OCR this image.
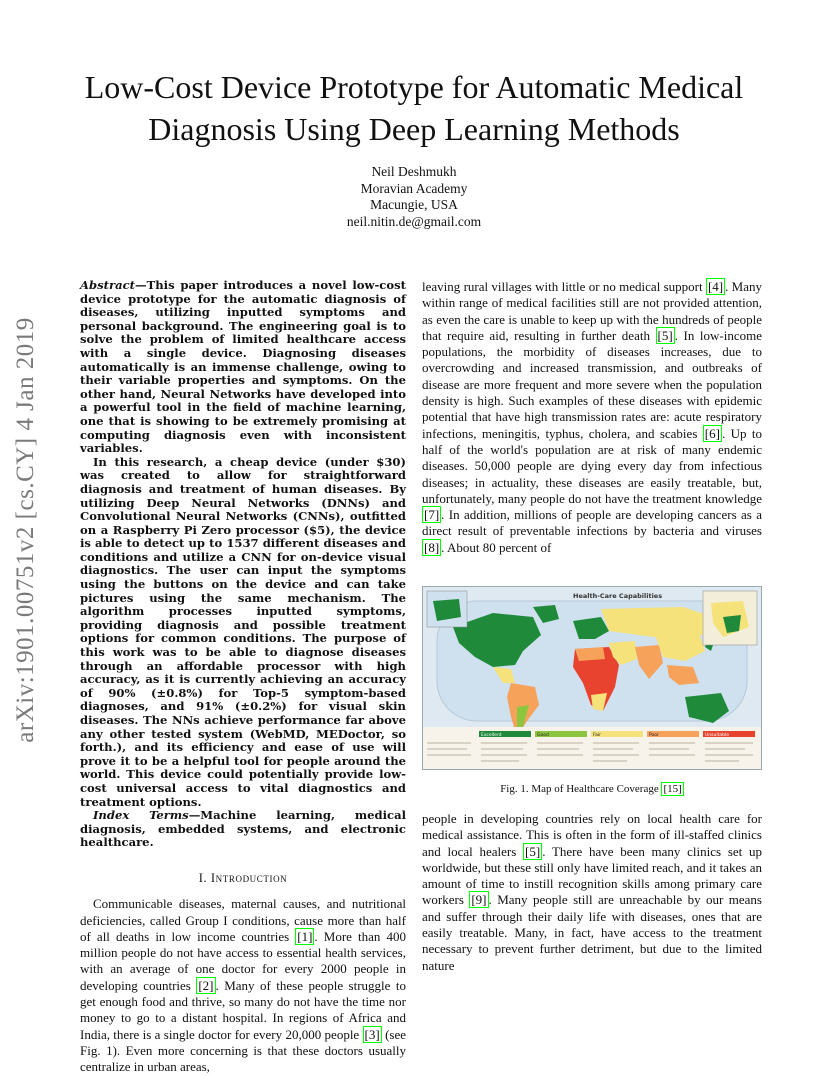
arXiv:1901.00751v2 [cs.CY] 4 Jan 2019
Low-Cost Device Prototype for Automatic Medical
Diagnosis Using Deep Learning Methods
Neil Deshmukh
Moravian Academy
Macungie, USA
neil.nitin.de@gmail.com

Abstract—This paper introduces a novel low-cost device prototype for the automatic diagnosis of diseases, utilizing inputted symptoms and personal background. The engineering goal is to solve the problem of limited healthcare access with a single device. Diagnosing diseases automatically is an immense challenge, owing to their variable properties and symptoms. On the other hand, Neural Networks have developed into a powerful tool in the field of machine learning, one that is showing to be extremely promising at computing diagnosis even with inconsistent variables.

In this research, a cheap device (under $30) was created to allow for straightforward diagnosis and treatment of human diseases. By utilizing Deep Neural Networks (DNNs) and Convolutional Neural Networks (CNNs), outfitted on a Raspberry Pi Zero processor ($5), the device is able to detect up to 1537 different diseases and conditions and utilize a CNN for on-device visual diagnostics. The user can input the symptoms using the buttons on the device and can take pictures using the same mechanism. The algorithm processes inputted symptoms, providing diagnosis and possible treatment options for common conditions. The purpose of this work was to be able to diagnose diseases through an affordable processor with high accuracy, as it is currently achieving an accuracy of 90% (±0.8%) for Top-5 symptom-based diagnoses, and 91% (±0.2%) for visual skin diseases. The NNs achieve performance far above any other tested system (WebMD, MEDoctor, so forth.), and its efficiency and ease of use will prove it to be a helpful tool for people around the world. This device could potentially provide low-cost universal access to vital diagnostics and treatment options.

Index Terms—Machine learning, medical diagnosis, embedded systems, and electronic healthcare.
I. Introduction

Communicable diseases, maternal causes, and nutritional deficiencies, called Group I conditions, cause more than half of all deaths in low income countries [1] . More than 400 million people do not have access to essential health services, with an average of one doctor for every 2000 people in developing countries [2] . Many of these people struggle to get enough food and thrive, so many do not have the time nor money to go to a distant hospital. In regions of Africa and India, there is a single doctor for every 20,000 people [3] (see Fig. 1). Even more concerning is that these doctors usually centralize in urban areas,

leaving rural villages with little or no medical support [4] . Many within range of medical facilities still are not provided attention, as even the care is unable to keep up with the hundreds of people that require aid, resulting in further death [5] . In low-income populations, the morbidity of diseases increases, due to overcrowding and increased transmission, and outbreaks of disease are more frequent and more severe when the population density is high. Such examples of these diseases with epidemic potential that have high transmission rates are: acute respiratory infections, meningitis, typhus, cholera, and scabies [6] . Up to half of the world's population are at risk of many endemic diseases. 50,000 people are dying every day from infectious diseases; in actuality, these diseases are easily treatable, but, unfortunately, many people do not have the treatment knowledge [7] . In addition, millions of people are developing cancers as a direct result of preventable infections by bacteria and viruses [8] . About 80 percent of

Health-Care Capabilities
Excellent	Good	Fair	Poor	Unsuitable
Fig. 1. Map of Healthcare Coverage [15]

people in developing countries rely on local health care for medical assistance. This is often in the form of ill-staffed clinics and local healers [5] . There have been many clinics set up worldwide, but these still only have limited reach, and it takes an amount of time to instill recognition skills among primary care workers [9] . Many people still are unreachable by our means and suffer through their daily life with diseases, ones that are easily treatable. Many, in fact, have access to the treatment necessary to prevent further detriment, but due to the limited nature
